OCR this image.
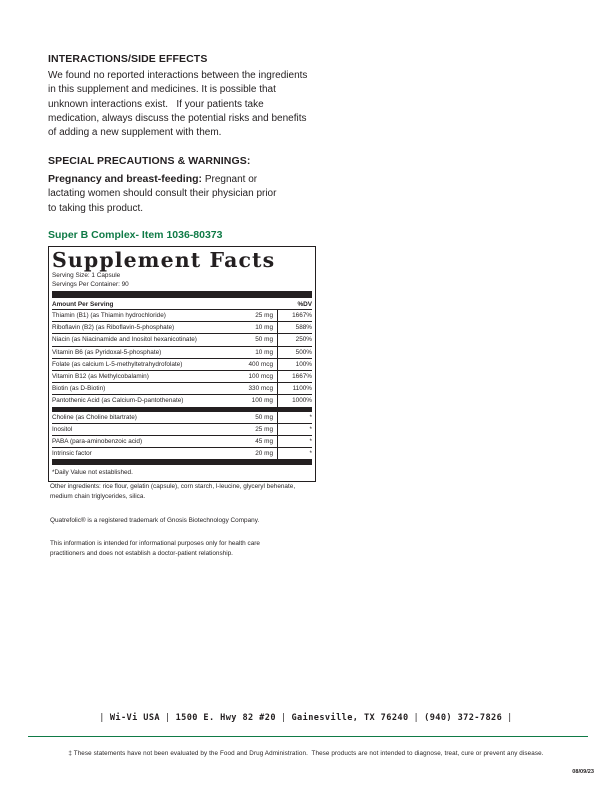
INTERACTIONS/SIDE EFFECTS
We found no reported interactions between the ingredients
in this supplement and medicines. It is possible that
unknown interactions exist.   If your patients take
medication, always discuss the potential risks and benefits
of adding a new supplement with them.
SPECIAL PRECAUTIONS & WARNINGS:
Pregnancy and breast-feeding: Pregnant or
lactating women should consult their physician prior
to taking this product.
Super B Complex- Item 1036-80373
Supplement Facts
Serving Size: 1 Capsule
Servings Per Container: 90
Amount Per Serving	%DV
Thiamin (B1) (as Thiamin hydrochloride)	25 mg	1667%
Riboflavin (B2) (as Riboflavin-5-phosphate)	10 mg	588%
Niacin (as Niacinamide and Inositol hexanicotinate)	50 mg	250%
Vitamin B6 (as Pyridoxal-5-phosphate)	10 mg	500%
Folate (as calcium L-5-methyltetrahydrofolate)	400 mcg	100%
Vitamin B12 (as Methylcobalamin)	100 mcg	1667%
Biotin (as D-Biotin)	330 mcg	1100%
Pantothenic Acid (as Calcium-D-pantothenate)	100 mg	1000%
Choline (as Choline bitartrate)	50 mg	*
Inositol	25 mg	*
PABA (para-aminobenzoic acid)	45 mg	*
Intrinsic factor	20 mg	*
*Daily Value not established.
Other ingredients: rice flour, gelatin (capsule), corn starch, l-leucine, glyceryl behenate,
medium chain triglycerides, silica.
Quatrefolic® is a registered trademark of Gnosis Biotechnology Company.
This information is intended for informational purposes only for health care
practitioners and does not establish a doctor-patient relationship.
| Wi-Vi USA | 1500 E. Hwy 82 #20 | Gainesville, TX 76240 | (940) 372-7826 |
‡ These statements have not been evaluated by the Food and Drug Administration.  These products are not intended to diagnose, treat, cure or prevent any disease.
08/09/23
